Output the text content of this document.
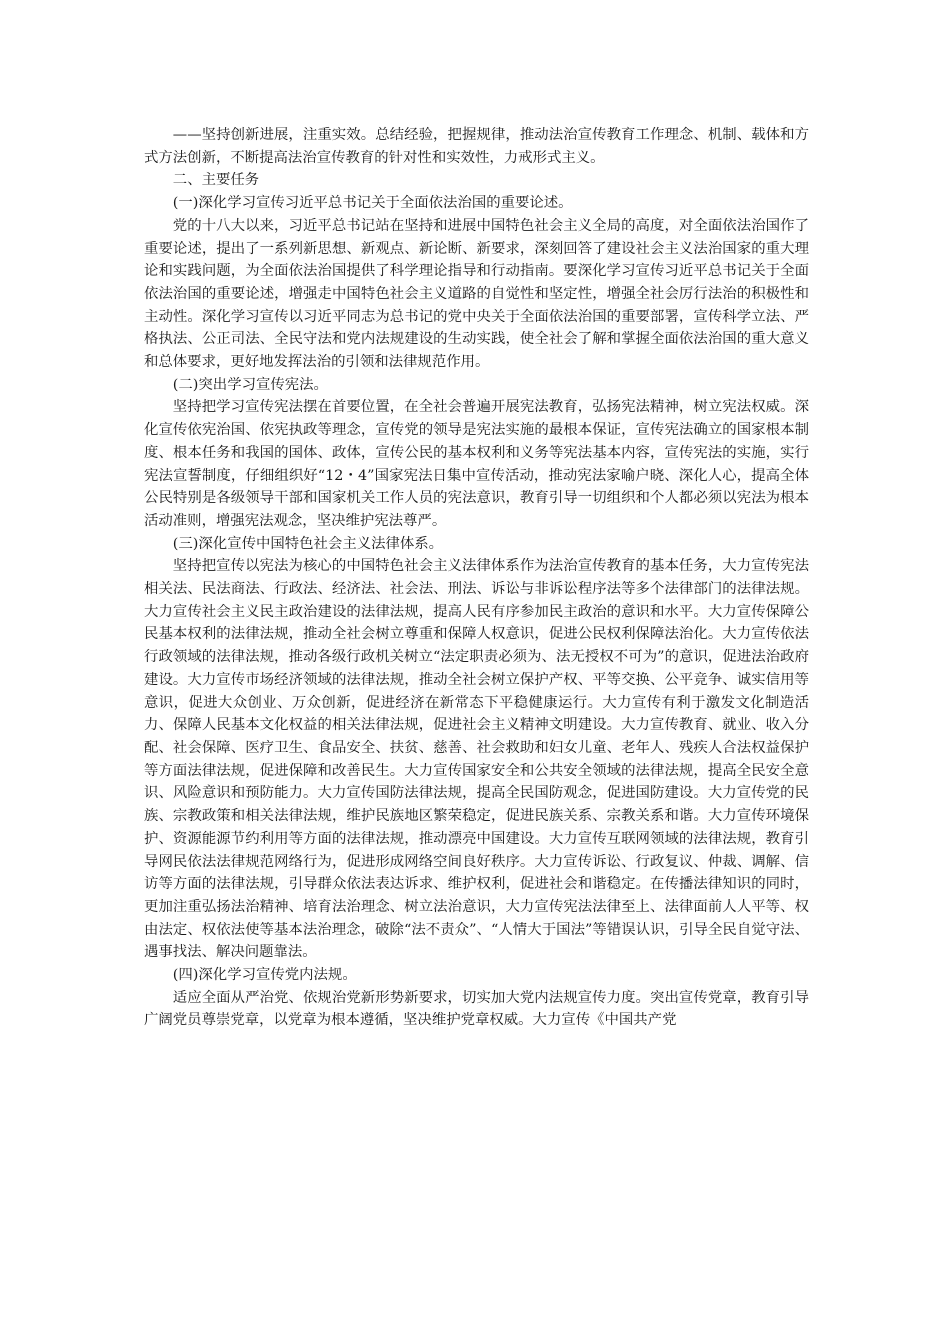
——坚持创新进展，注重实效。总结经验，把握规律，推动法治宣传教育工作理念、机制、载体和方式方法创新，不断提高法治宣传教育的针对性和实效性，力戒形式主义。

二、主要任务

(一)深化学习宣传习近平总书记关于全面依法治国的重要论述。

党的十八大以来，习近平总书记站在坚持和进展中国特色社会主义全局的高度，对全面依法治国作了重要论述，提出了一系列新思想、新观点、新论断、新要求，深刻回答了建设社会主义法治国家的重大理论和实践问题，为全面依法治国提供了科学理论指导和行动指南。要深化学习宣传习近平总书记关于全面依法治国的重要论述，增强走中国特色社会主义道路的自觉性和坚定性，增强全社会厉行法治的积极性和主动性。深化学习宣传以习近平同志为总书记的党中央关于全面依法治国的重要部署，宣传科学立法、严格执法、公正司法、全民守法和党内法规建设的生动实践，使全社会了解和掌握全面依法治国的重大意义和总体要求，更好地发挥法治的引领和法律规范作用。

(二)突出学习宣传宪法。

坚持把学习宣传宪法摆在首要位置，在全社会普遍开展宪法教育，弘扬宪法精神，树立宪法权威。深化宣传依宪治国、依宪执政等理念，宣传党的领导是宪法实施的最根本保证，宣传宪法确立的国家根本制度、根本任务和我国的国体、政体，宣传公民的基本权利和义务等宪法基本内容，宣传宪法的实施，实行宪法宣誓制度，仔细组织好“12・4”国家宪法日集中宣传活动，推动宪法家喻户晓、深化人心，提高全体公民特别是各级领导干部和国家机关工作人员的宪法意识，教育引导一切组织和个人都必须以宪法为根本活动准则，增强宪法观念，坚决维护宪法尊严。

(三)深化宣传中国特色社会主义法律体系。

坚持把宣传以宪法为核心的中国特色社会主义法律体系作为法治宣传教育的基本任务，大力宣传宪法相关法、民法商法、行政法、经济法、社会法、刑法、诉讼与非诉讼程序法等多个法律部门的法律法规。大力宣传社会主义民主政治建设的法律法规，提高人民有序参加民主政治的意识和水平。大力宣传保障公民基本权利的法律法规，推动全社会树立尊重和保障人权意识，促进公民权利保障法治化。大力宣传依法行政领域的法律法规，推动各级行政机关树立“法定职责必须为、法无授权不可为”的意识，促进法治政府建设。大力宣传市场经济领域的法律法规，推动全社会树立保护产权、平等交换、公平竞争、诚实信用等意识，促进大众创业、万众创新，促进经济在新常态下平稳健康运行。大力宣传有利于激发文化制造活力、保障人民基本文化权益的相关法律法规，促进社会主义精神文明建设。大力宣传教育、就业、收入分配、社会保障、医疗卫生、食品安全、扶贫、慈善、社会救助和妇女儿童、老年人、残疾人合法权益保护等方面法律法规，促进保障和改善民生。大力宣传国家安全和公共安全领域的法律法规，提高全民安全意识、风险意识和预防能力。大力宣传国防法律法规，提高全民国防观念，促进国防建设。大力宣传党的民族、宗教政策和相关法律法规，维护民族地区繁荣稳定，促进民族关系、宗教关系和谐。大力宣传环境保护、资源能源节约利用等方面的法律法规，推动漂亮中国建设。大力宣传互联网领域的法律法规，教育引导网民依法法律规范网络行为，促进形成网络空间良好秩序。大力宣传诉讼、行政复议、仲裁、调解、信访等方面的法律法规，引导群众依法表达诉求、维护权利，促进社会和谐稳定。在传播法律知识的同时，更加注重弘扬法治精神、培育法治理念、树立法治意识，大力宣传宪法法律至上、法律面前人人平等、权由法定、权依法使等基本法治理念，破除“法不责众”、“人情大于国法”等错误认识，引导全民自觉守法、遇事找法、解决问题靠法。

(四)深化学习宣传党内法规。

适应全面从严治党、依规治党新形势新要求，切实加大党内法规宣传力度。突出宣传党章，教育引导广阔党员尊崇党章，以党章为根本遵循，坚决维护党章权威。大力宣传《中国共产党
